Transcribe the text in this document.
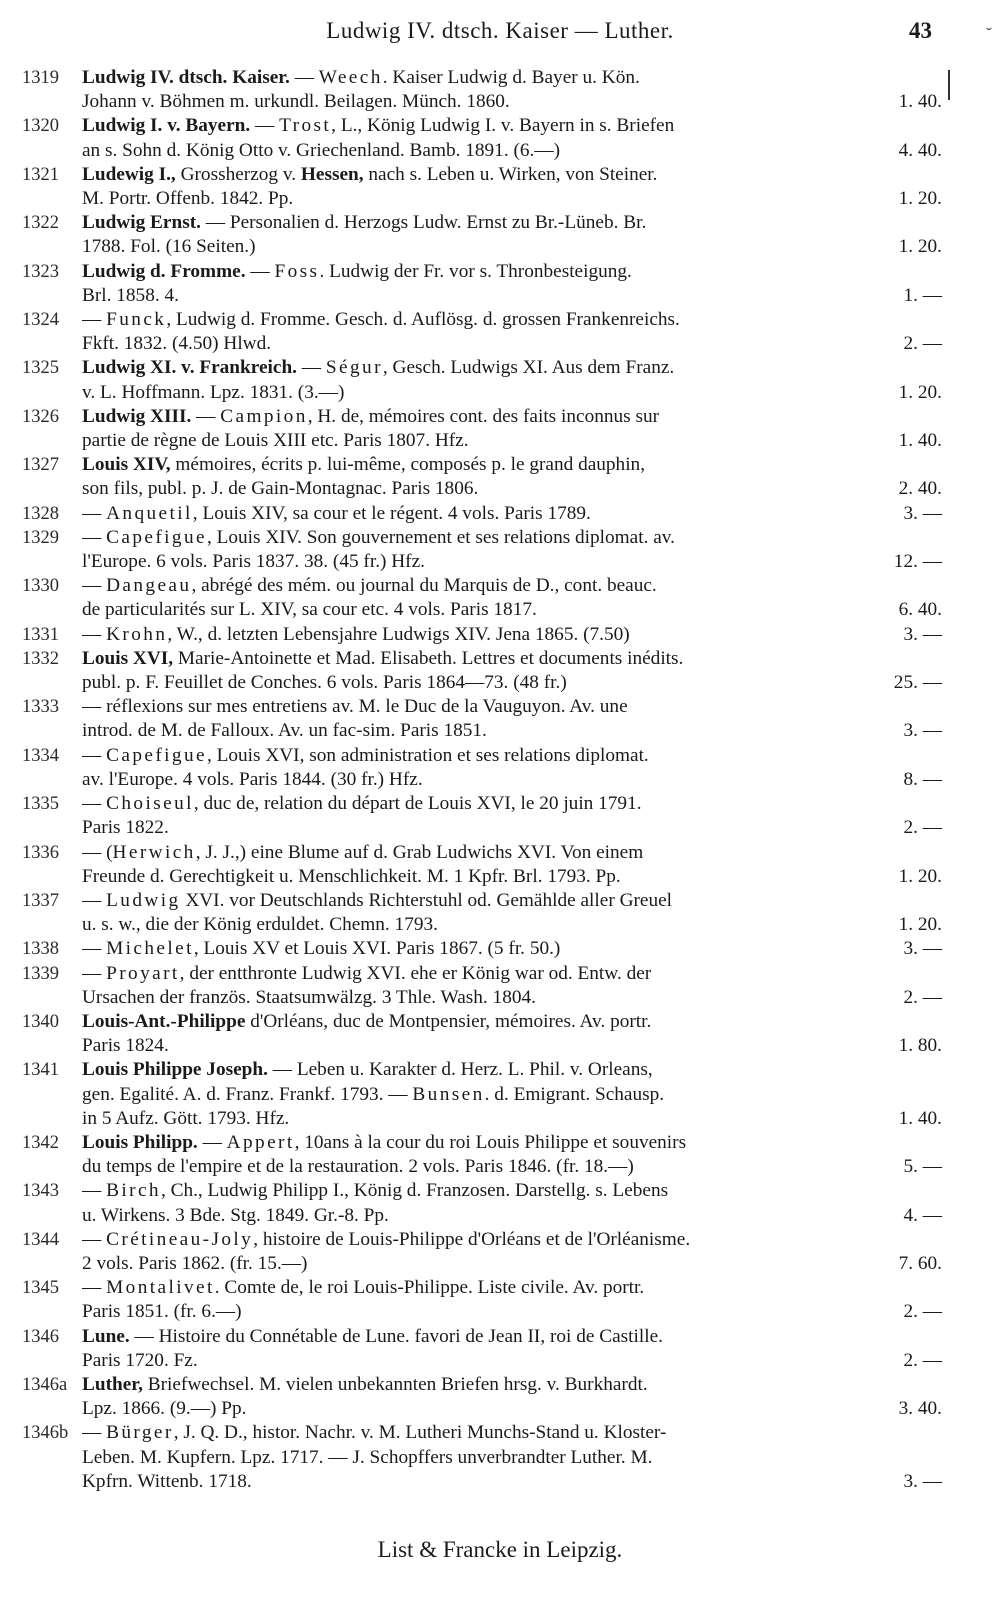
Ludwig IV. dtsch. Kaiser — Luther.	43	˘
1319	Ludwig IV. dtsch. Kaiser. — Weech. Kaiser Ludwig d. Bayer u. Kön.
Johann v. Böhmen m. urkundl. Beilagen. Münch. 1860.	1. 40.
1320	Ludwig I. v. Bayern. — Trost, L., König Ludwig I. v. Bayern in s. Briefen
an s. Sohn d. König Otto v. Griechenland. Bamb. 1891. (6.—)	4. 40.
1321	Ludewig I., Grossherzog v. Hessen, nach s. Leben u. Wirken, von Steiner.
M. Portr. Offenb. 1842. Pp.	1. 20.
1322	Ludwig Ernst. — Personalien d. Herzogs Ludw. Ernst zu Br.-Lüneb. Br.
1788. Fol. (16 Seiten.)	1. 20.
1323	Ludwig d. Fromme. — Foss. Ludwig der Fr. vor s. Thronbesteigung.
Brl. 1858. 4.	1. —
1324	— Funck, Ludwig d. Fromme. Gesch. d. Auflösg. d. grossen Frankenreichs.
Fkft. 1832. (4.50) Hlwd.	2. —
1325	Ludwig XI. v. Frankreich. — Ségur, Gesch. Ludwigs XI. Aus dem Franz.
v. L. Hoffmann. Lpz. 1831. (3.—)	1. 20.
1326	Ludwig XIII. — Campion, H. de, mémoires cont. des faits inconnus sur
partie de règne de Louis XIII etc. Paris 1807. Hfz.	1. 40.
1327	Louis XIV, mémoires, écrits p. lui-même, composés p. le grand dauphin,
son fils, publ. p. J. de Gain-Montagnac. Paris 1806.	2. 40.
1328	— Anquetil, Louis XIV, sa cour et le régent. 4 vols. Paris 1789.	3. —
1329	— Capefigue, Louis XIV. Son gouvernement et ses relations diplomat. av.
l'Europe. 6 vols. Paris 1837. 38. (45 fr.) Hfz.	12. —
1330	— Dangeau, abrégé des mém. ou journal du Marquis de D., cont. beauc.
de particularités sur L. XIV, sa cour etc. 4 vols. Paris 1817.	6. 40.
1331	— Krohn, W., d. letzten Lebensjahre Ludwigs XIV. Jena 1865. (7.50)	3. —
1332	Louis XVI, Marie-Antoinette et Mad. Elisabeth. Lettres et documents inédits.
publ. p. F. Feuillet de Conches. 6 vols. Paris 1864—73. (48 fr.)	25. —
1333	— réflexions sur mes entretiens av. M. le Duc de la Vauguyon. Av. une
introd. de M. de Falloux. Av. un fac-sim. Paris 1851.	3. —
1334	— Capefigue, Louis XVI, son administration et ses relations diplomat.
av. l'Europe. 4 vols. Paris 1844. (30 fr.) Hfz.	8. —
1335	— Choiseul, duc de, relation du départ de Louis XVI, le 20 juin 1791.
Paris 1822.	2. —
1336	— (Herwich, J. J.,) eine Blume auf d. Grab Ludwichs XVI. Von einem
Freunde d. Gerechtigkeit u. Menschlichkeit. M. 1 Kpfr. Brl. 1793. Pp.	1. 20.
1337	— Ludwig XVI. vor Deutschlands Richterstuhl od. Gemählde aller Greuel
u. s. w., die der König erduldet. Chemn. 1793.	1. 20.
1338	— Michelet, Louis XV et Louis XVI. Paris 1867. (5 fr. 50.)	3. —
1339	— Proyart, der entthronte Ludwig XVI. ehe er König war od. Entw. der
Ursachen der französ. Staatsumwälzg. 3 Thle. Wash. 1804.	2. —
1340	Louis-Ant.-Philippe d'Orléans, duc de Montpensier, mémoires. Av. portr.
Paris 1824.	1. 80.
1341	Louis Philippe Joseph. — Leben u. Karakter d. Herz. L. Phil. v. Orleans,
gen. Egalité. A. d. Franz. Frankf. 1793. — Bunsen. d. Emigrant. Schausp.
in 5 Aufz. Gött. 1793. Hfz.	1. 40.
1342	Louis Philipp. — Appert, 10ans à la cour du roi Louis Philippe et souvenirs
du temps de l'empire et de la restauration. 2 vols. Paris 1846. (fr. 18.—)	5. —
1343	— Birch, Ch., Ludwig Philipp I., König d. Franzosen. Darstellg. s. Lebens
u. Wirkens. 3 Bde. Stg. 1849. Gr.-8. Pp.	4. —
1344	— Crétineau-Joly, histoire de Louis-Philippe d'Orléans et de l'Orléanisme.
2 vols. Paris 1862. (fr. 15.—)	7. 60.
1345	— Montalivet. Comte de, le roi Louis-Philippe. Liste civile. Av. portr.
Paris 1851. (fr. 6.—)	2. —
1346	Lune. — Histoire du Connétable de Lune. favori de Jean II, roi de Castille.
Paris 1720. Fz.	2. —
1346a Luther, Briefwechsel. M. vielen unbekannten Briefen hrsg. v. Burkhardt.
Lpz. 1866. (9.—) Pp.	3. 40.
1346b — Bürger, J. Q. D., histor. Nachr. v. M. Lutheri Munchs-Stand u. Kloster-
Leben. M. Kupfern. Lpz. 1717. — J. Schopffers unverbrandter Luther. M.
Kpfrn. Wittenb. 1718.	3. —
List & Francke in Leipzig.
